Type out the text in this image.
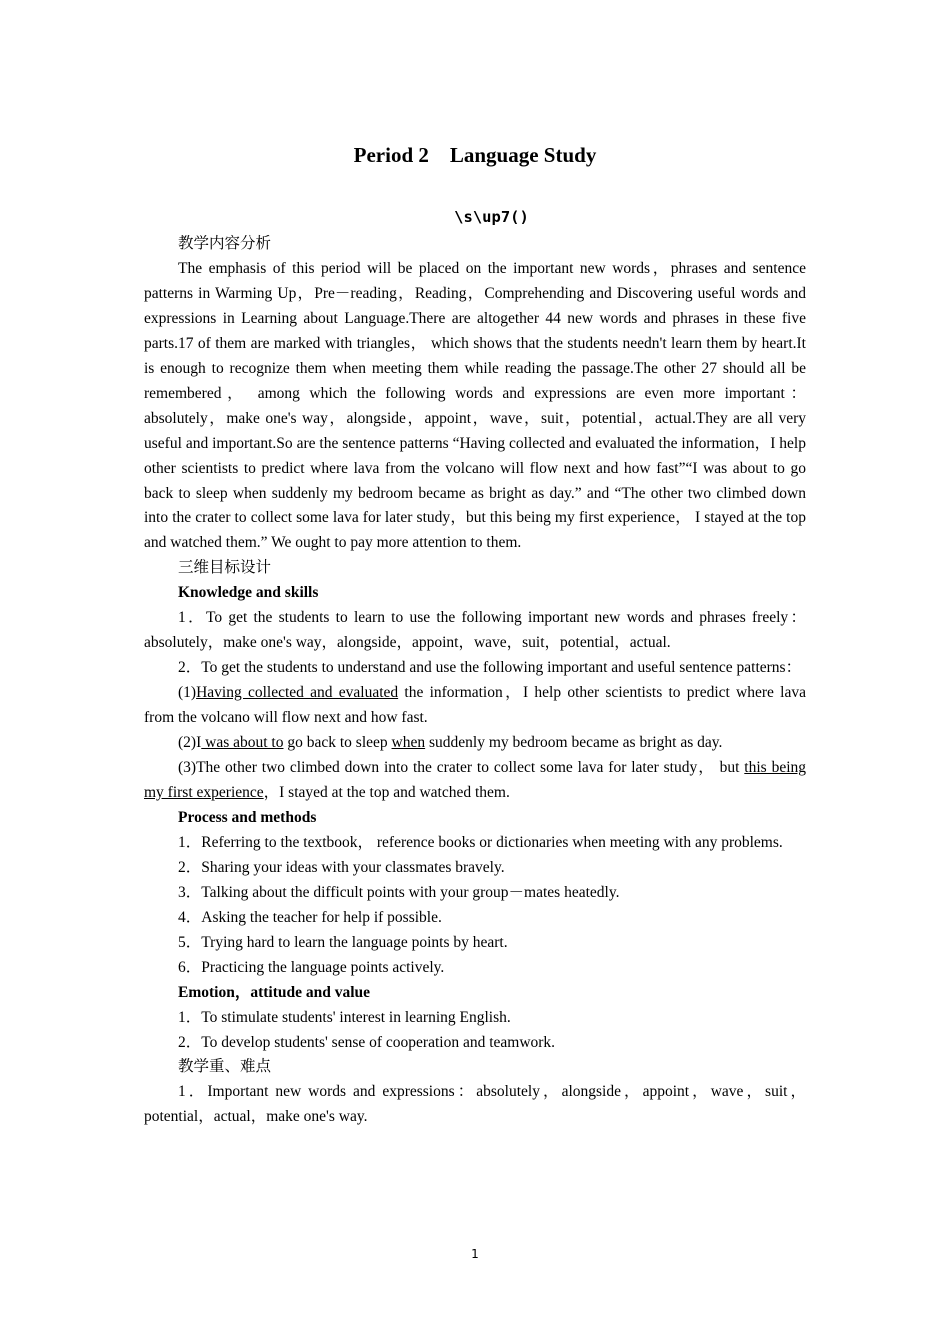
Period 2    Language Study
\s\up7()

教学内容分析

The emphasis of this period will be placed on the important new words，phrases and sentence patterns in Warming Up，Pre－reading，Reading，Comprehending and Discovering useful words and expressions in Learning about Language.There are altogether 44 new words and phrases in these five parts.17 of them are marked with triangles， which shows that the students needn't learn them by heart.It is enough to recognize them when meeting them while reading the passage.The other 27 should all be remembered， among which the following words and expressions are even more important：absolutely，make one's way，alongside，appoint，wave，suit，potential，actual.They are all very useful and important.So are the sentence patterns “Having collected and evaluated the information，I help other scientists to predict where lava from the volcano will flow next and how fast”“I was about to go back to sleep when suddenly my bedroom became as bright as day.” and “The other two climbed down into the crater to collect some lava for later study，but this being my first experience， I stayed at the top and watched them.” We ought to pay more attention to them.

三维目标设计

Knowledge and skills

1．To get the students to learn to use the following important new words and phrases freely：absolutely，make one's way，alongside，appoint，wave，suit，potential，actual.

2．To get the students to understand and use the following important and useful sentence patterns：

(1)Having collected and evaluated the information，I help other scientists to predict where lava from the volcano will flow next and how fast.

(2)I was about to go back to sleep when suddenly my bedroom became as bright as day.

(3)The other two climbed down into the crater to collect some lava for later study， but this being my first experience，I stayed at the top and watched them.

Process and methods

1．Referring to the textbook， reference books or dictionaries when meeting with any problems.

2．Sharing your ideas with your classmates bravely.

3．Talking about the difficult points with your group－mates heatedly.

4．Asking the teacher for help if possible.

5．Trying hard to learn the language points by heart.

6．Practicing the language points actively.

Emotion，attitude and value

1．To stimulate students' interest in learning English.

2．To develop students' sense of cooperation and teamwork.

教学重、难点

1．Important new words and expressions：absolutely，alongside，appoint，wave，suit，potential，actual，make one's way.

1
